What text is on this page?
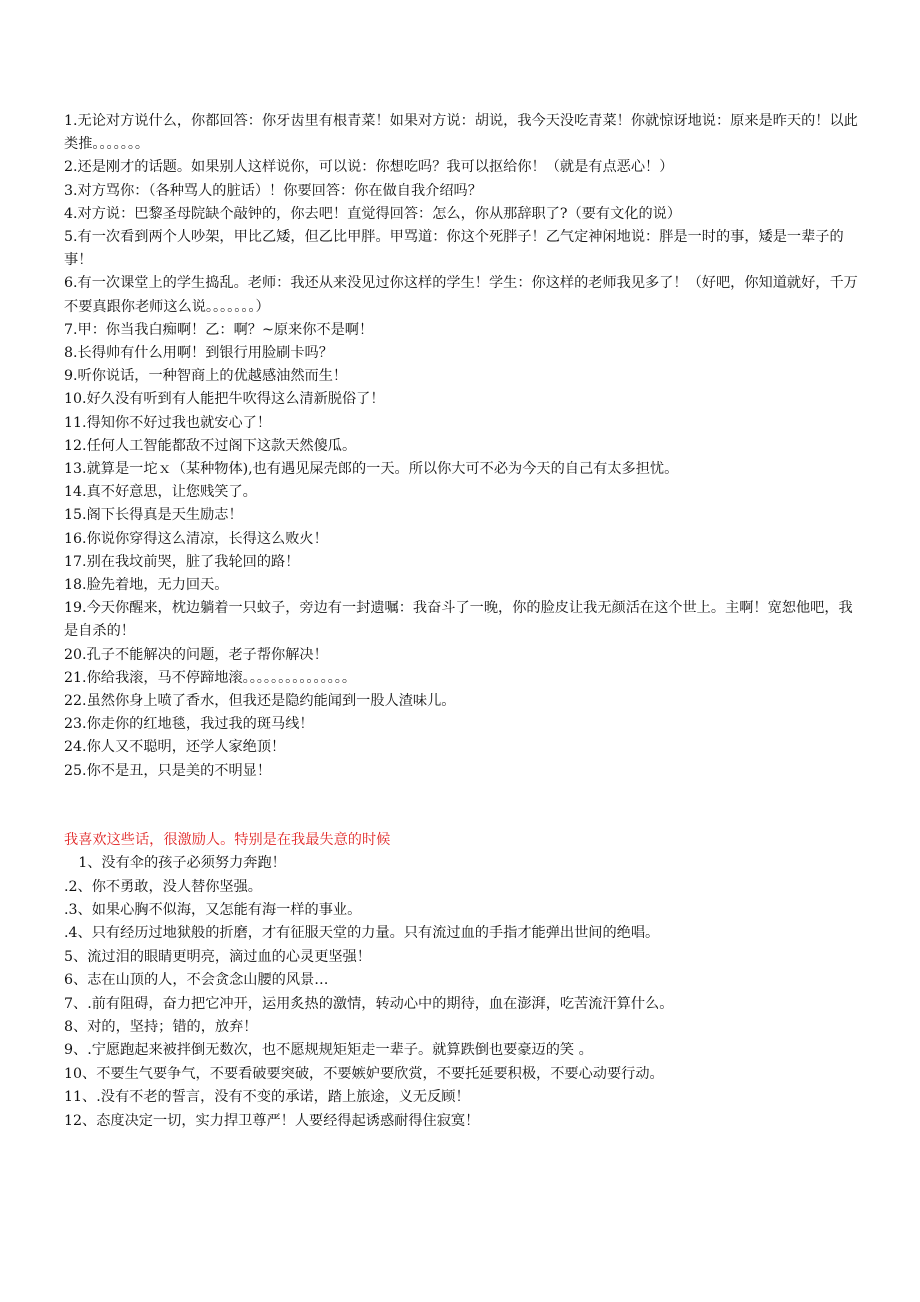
1.无论对方说什么，你都回答：你牙齿里有根青菜！如果对方说：胡说，我今天没吃青菜！你就惊讶地说：原来是昨天的！以此类推。。。。。。。

2.还是刚才的话题。如果别人这样说你，可以说：你想吃吗？我可以抠给你！（就是有点恶心！）

3.对方骂你：（各种骂人的脏话）！你要回答：你在做自我介绍吗？

4.对方说：巴黎圣母院缺个敲钟的，你去吧！直觉得回答：怎么，你从那辞职了?（要有文化的说）

5.有一次看到两个人吵架，甲比乙矮，但乙比甲胖。甲骂道：你这个死胖子！乙气定神闲地说：胖是一时的事，矮是一辈子的事！

6.有一次课堂上的学生捣乱。老师：我还从来没见过你这样的学生！学生：你这样的老师我见多了！（好吧，你知道就好，千万不要真跟你老师这么说。。。。。。。）

7.甲：你当我白痴啊！乙：啊？~原来你不是啊！

8.长得帅有什么用啊！到银行用脸刷卡吗？

9.听你说话，一种智商上的优越感油然而生！

10.好久没有听到有人能把牛吹得这么清新脱俗了！

11.得知你不好过我也就安心了！

12.任何人工智能都敌不过阁下这款天然傻瓜。

13.就算是一坨ｘ（某种物体),也有遇见屎壳郎的一天。所以你大可不必为今天的自己有太多担忧。

14.真不好意思，让您贱笑了。

15.阁下长得真是天生励志！

16.你说你穿得这么清凉，长得这么败火！

17.别在我坟前哭，脏了我轮回的路！

18.脸先着地，无力回天。

19.今天你醒来，枕边躺着一只蚊子，旁边有一封遗嘱：我奋斗了一晚，你的脸皮让我无颜活在这个世上。主啊！宽恕他吧，我是自杀的！

20.孔子不能解决的问题，老子帮你解决！

21.你给我滚，马不停蹄地滚。。。。。。。。。。。。。。。

22.虽然你身上喷了香水，但我还是隐约能闻到一股人渣味儿。

23.你走你的红地毯，我过我的斑马线！

24.你人又不聪明，还学人家绝顶！

25.你不是丑，只是美的不明显！

我喜欢这些话，很激励人。特别是在我最失意的时候

　1、没有伞的孩子必须努力奔跑！

.2、你不勇敢，没人替你坚强。

.3、如果心胸不似海，又怎能有海一样的事业。

.4、只有经历过地狱般的折磨，才有征服天堂的力量。只有流过血的手指才能弹出世间的绝唱。

5、流过泪的眼睛更明亮，滴过血的心灵更坚强！

6、志在山顶的人，不会贪念山腰的风景…

7、.前有阻碍，奋力把它冲开，运用炙热的激情，转动心中的期待，血在澎湃，吃苦流汗算什么。

8、对的，坚持；错的，放弃！

9、.宁愿跑起来被拌倒无数次，也不愿规规矩矩走一辈子。就算跌倒也要豪迈的笑 。

10、不要生气要争气，不要看破要突破，不要嫉妒要欣赏，不要托延要积极，不要心动要行动。

11、.没有不老的誓言，没有不变的承诺，踏上旅途，义无反顾！

12、态度决定一切，实力捍卫尊严！人要经得起诱惑耐得住寂寞！
